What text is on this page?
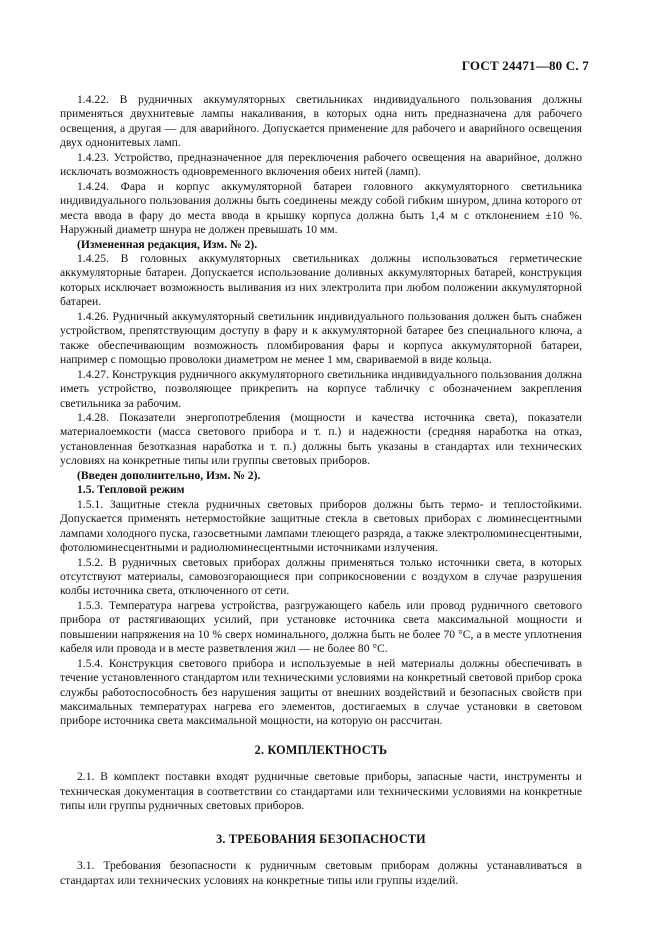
ГОСТ 24471—80 С. 7

1.4.22. В рудничных аккумуляторных светильниках индивидуального пользования должны применяться двухнитевые лампы накаливания, в которых одна нить предназначена для рабочего освещения, а другая — для аварийного. Допускается применение для рабочего и аварийного освещения двух однонитевых ламп.

1.4.23. Устройство, предназначенное для переключения рабочего освещения на аварийное, должно исключать возможность одновременного включения обеих нитей (ламп).

1.4.24. Фара и корпус аккумуляторной батареи головного аккумуляторного светильника индивидуального пользования должны быть соединены между собой гибким шнуром, длина которого от места ввода в фару до места ввода в крышку корпуса должна быть 1,4 м с отклонением ±10 %. Наружный диаметр шнура не должен превышать 10 мм.

(Измененная редакция, Изм. № 2).

1.4.25. В головных аккумуляторных светильниках должны использоваться герметические аккумуляторные батареи. Допускается использование доливных аккумуляторных батарей, конструкция которых исключает возможность выливания из них электролита при любом положении аккумуляторной батареи.

1.4.26. Рудничный аккумуляторный светильник индивидуального пользования должен быть снабжен устройством, препятствующим доступу в фару и к аккумуляторной батарее без специального ключа, а также обеспечивающим возможность пломбирования фары и корпуса аккумуляторной батареи, например с помощью проволоки диаметром не менее 1 мм, свариваемой в виде кольца.

1.4.27. Конструкция рудничного аккумуляторного светильника индивидуального пользования должна иметь устройство, позволяющее прикрепить на корпусе табличку с обозначением закрепления светильника за рабочим.

1.4.28. Показатели энергопотребления (мощности и качества источника света), показатели материалоемкости (масса светового прибора и т. п.) и надежности (средняя наработка на отказ, установленная безотказная наработка и т. п.) должны быть указаны в стандартах или технических условиях на конкретные типы или группы световых приборов.

(Введен дополнительно, Изм. № 2).

1.5. Тепловой режим

1.5.1. Защитные стекла рудничных световых приборов должны быть термо- и теплостойкими. Допускается применять нетермостойкие защитные стекла в световых приборах с люминесцентными лампами холодного пуска, газосветными лампами тлеющего разряда, а также электролюминесцентными, фотолюминесцентными и радиолюминесцентными источниками излучения.

1.5.2. В рудничных световых приборах должны применяться только источники света, в которых отсутствуют материалы, самовозгорающиеся при соприкосновении с воздухом в случае разрушения колбы источника света, отключенного от сети.

1.5.3. Температура нагрева устройства, разгружающего кабель или провод рудничного светового прибора от растягивающих усилий, при установке источника света максимальной мощности и повышении напряжения на 10 % сверх номинального, должна быть не более 70 °С, а в месте уплотнения кабеля или провода и в месте разветвления жил — не более 80 °С.

1.5.4. Конструкция светового прибора и используемые в ней материалы должны обеспечивать в течение установленного стандартом или техническими условиями на конкретный световой прибор срока службы работоспособность без нарушения защиты от внешних воздействий и безопасных свойств при максимальных температурах нагрева его элементов, достигаемых в случае установки в световом приборе источника света максимальной мощности, на которую он рассчитан.

2. КОМПЛЕКТНОСТЬ

2.1. В комплект поставки входят рудничные световые приборы, запасные части, инструменты и техническая документация в соответствии со стандартами или техническими условиями на конкретные типы или группы рудничных световых приборов.

3. ТРЕБОВАНИЯ БЕЗОПАСНОСТИ

3.1. Требования безопасности к рудничным световым приборам должны устанавливаться в стандартах или технических условиях на конкретные типы или группы изделий.
